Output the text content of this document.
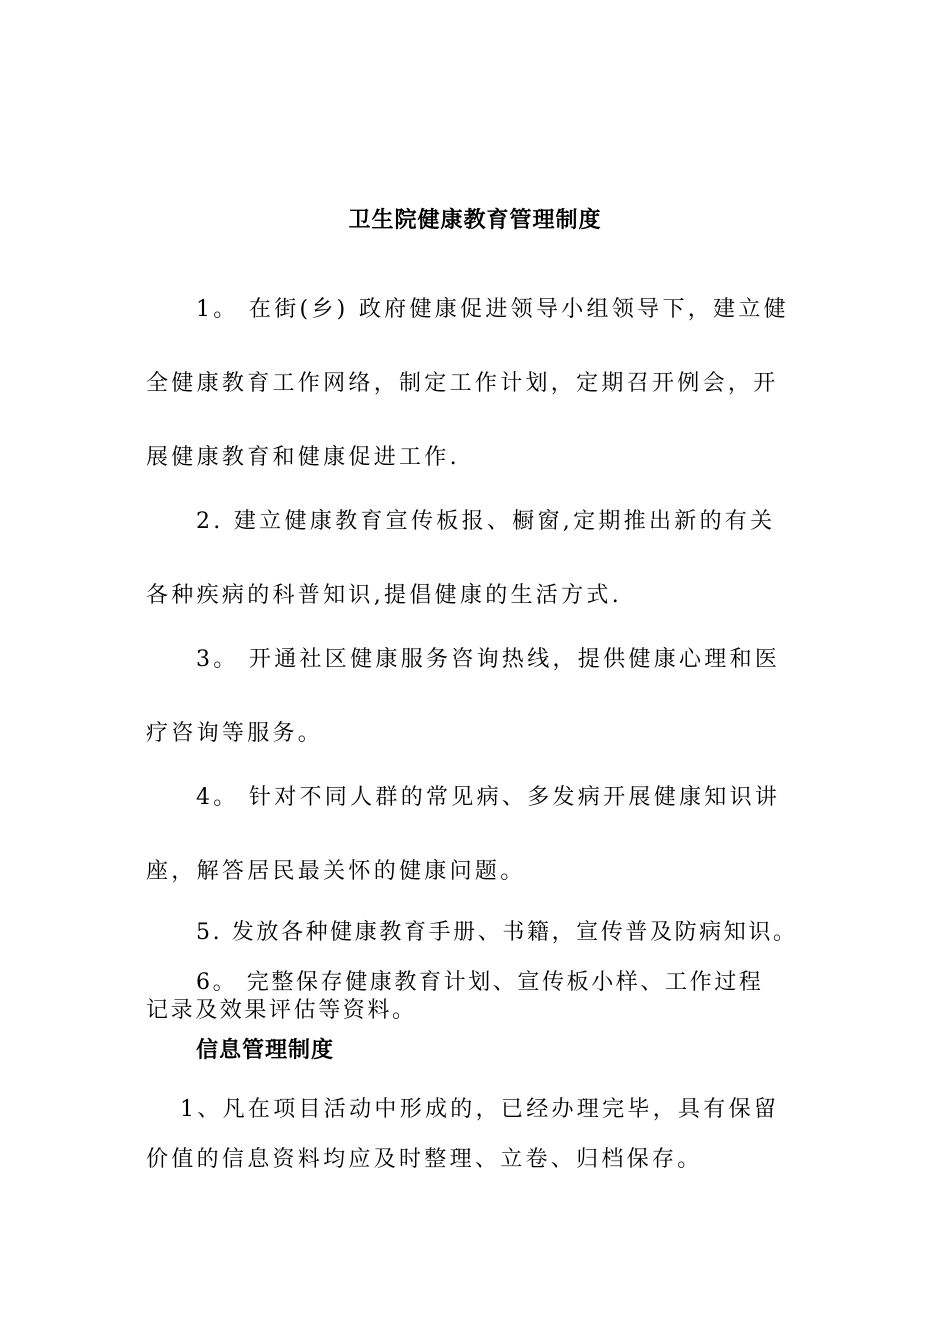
卫生院健康教育管理制度
1。 在街(乡) 政府健康促进领导小组领导下，建立健
全健康教育工作网络，制定工作计划，定期召开例会，开
展健康教育和健康促进工作.
2. 建立健康教育宣传板报、橱窗,定期推出新的有关
各种疾病的科普知识,提倡健康的生活方式.
3。 开通社区健康服务咨询热线，提供健康心理和医
疗咨询等服务。
4。 针对不同人群的常见病、多发病开展健康知识讲
座，解答居民最关怀的健康问题。
5. 发放各种健康教育手册、书籍，宣传普及防病知识。
6。 完整保存健康教育计划、宣传板小样、工作过程
记录及效果评估等资料。
信息管理制度
1、凡在项目活动中形成的，已经办理完毕，具有保留
价值的信息资料均应及时整理、立卷、归档保存。
